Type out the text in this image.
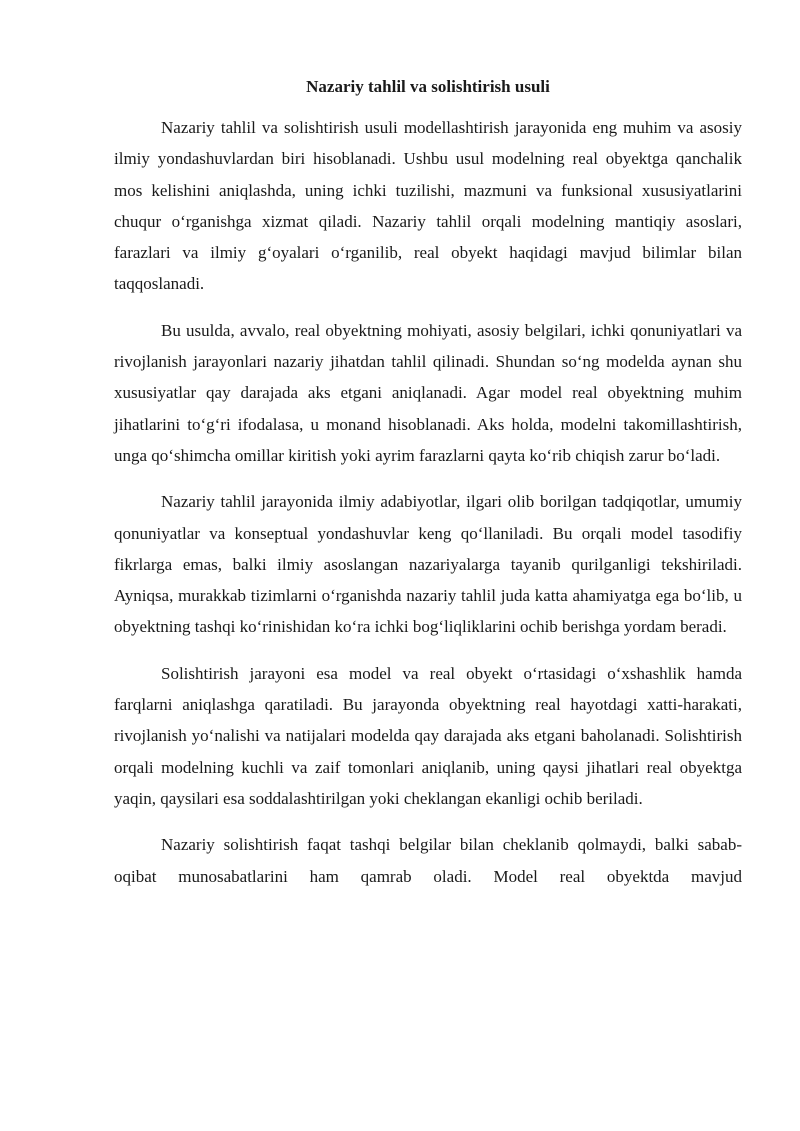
Nazariy tahlil va solishtirish usuli

Nazariy tahlil va solishtirish usuli modellashtirish jarayonida eng muhim va asosiy ilmiy yondashuvlardan biri hisoblanadi. Ushbu usul modelning real obyektga qanchalik mos kelishini aniqlashda, uning ichki tuzilishi, mazmuni va funksional xususiyatlarini chuqur o‘rganishga xizmat qiladi. Nazariy tahlil orqali modelning mantiqiy asoslari, farazlari va ilmiy g‘oyalari o‘rganilib, real obyekt haqidagi mavjud bilimlar bilan taqqoslanadi.

Bu usulda, avvalo, real obyektning mohiyati, asosiy belgilari, ichki qonuniyatlari va rivojlanish jarayonlari nazariy jihatdan tahlil qilinadi. Shundan so‘ng modelda aynan shu xususiyatlar qay darajada aks etgani aniqlanadi. Agar model real obyektning muhim jihatlarini to‘g‘ri ifodalasa, u monand hisoblanadi. Aks holda, modelni takomillashtirish, unga qo‘shimcha omillar kiritish yoki ayrim farazlarni qayta ko‘rib chiqish zarur bo‘ladi.

Nazariy tahlil jarayonida ilmiy adabiyotlar, ilgari olib borilgan tadqiqotlar, umumiy qonuniyatlar va konseptual yondashuvlar keng qo‘llaniladi. Bu orqali model tasodifiy fikrlarga emas, balki ilmiy asoslangan nazariyalarga tayanib qurilganligi tekshiriladi. Ayniqsa, murakkab tizimlarni o‘rganishda nazariy tahlil juda katta ahamiyatga ega bo‘lib, u obyektning tashqi ko‘rinishidan ko‘ra ichki bog‘liqliklarini ochib berishga yordam beradi.

Solishtirish jarayoni esa model va real obyekt o‘rtasidagi o‘xshashlik hamda farqlarni aniqlashga qaratiladi. Bu jarayonda obyektning real hayotdagi xatti-harakati, rivojlanish yo‘nalishi va natijalari modelda qay darajada aks etgani baholanadi. Solishtirish orqali modelning kuchli va zaif tomonlari aniqlanib, uning qaysi jihatlari real obyektga yaqin, qaysilari esa soddalashtirilgan yoki cheklangan ekanligi ochib beriladi.

Nazariy solishtirish faqat tashqi belgilar bilan cheklanib qolmaydi, balki sabab-oqibat munosabatlarini ham qamrab oladi. Model real obyektda mavjud
